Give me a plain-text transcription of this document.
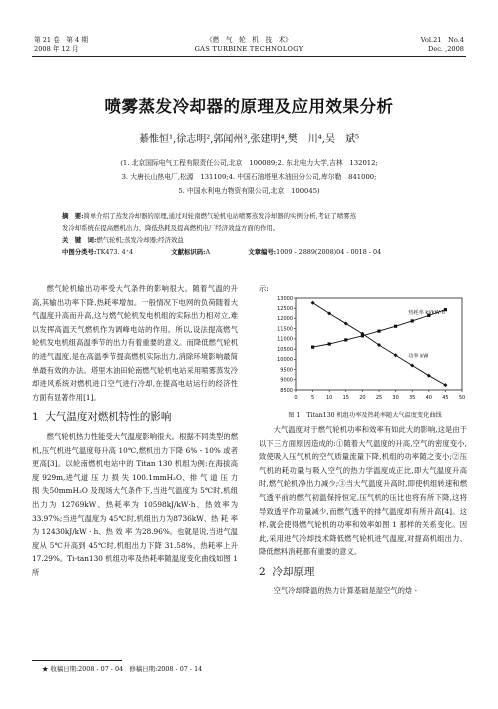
第 21 卷　第 4 期
2008 年 12 月
《燃　气　轮　机　技　术》
GAS TURBINE TECHNOLOGY
Vol.21　No.4
Dec. ,2008
喷雾蒸发冷却器的原理及应用效果分析
綦惟恒¹,徐志明²,郭闻州³,张建明⁴,樊　川⁴,吴　斌⁵
(1. 北京国际电气工程有限责任公司,北京　100089;2. 东北电力大学,吉林　132012;
3. 大唐长山热电厂,松源　131109;4. 中国石油塔里木油田分公司,库尔勒　841000;
5. 中国水利电力物资有限公司,北京　100045)
摘　要:简单介绍了蒸发冷却器的原理,通过对轮南燃气轮机电站喷雾蒸发冷却器的实例分析,考证了喷雾蒸
发冷却系统在提高燃机出力、降低热耗及提高燃机电厂经济效益方面的作用。
关　键　词:燃气轮机;蒸发冷却器;经济效益
中图分类号:TK473. 4⁺4	文献标识码:A	文章编号:1009 - 2889(2008)04 - 0018 - 04

燃气轮机输出功率受大气条件的影响很大。随着气温的升高,其输出功率下降,热耗率增加。一般情况下电网的负荷随着大气温度升高而升高,这与燃气轮机发电机组的实际出力相对立,难以发挥高温天气燃机作为调峰电站的作用。所以,设法提高燃气轮机发电机组高温季节的出力有着重要的意义。而降低燃气轮机的进气温度,是在高温季节提高燃机实际出力,消除环境影响最简单最有效的办法。塔里木油田轮南燃气轮机电站采用喷雾蒸发冷却进风系统对燃机进口空气进行冷却,在提高电站运行的经济性方面有显著作用[1]。

1 大气温度对燃机特性的影响

燃气轮机热力性能受大气温度影响很大。根据不同类型的燃机,压气机进气温度每升高 10℃,燃机出力下降 6% - 10% 或者更高[3]。以轮南燃机电站中的 Titan 130 机组为例:在海拔高度 929m,进气道 压 力 损 失 100.1mmH₂O、排 气 道 压 力 损 失50mmH₂O 及现场大气条件下,当进气温度为 5℃时,机组出力为 12769kW、热耗率为 10598kJ/kW·h、热效率为 33.97%;当进气温度为 45℃时,机组出力为8736kW、热 耗 率 为 12430kJ/kW · h、热 效 率 为28.96%。也就是说,当进气温度从 5℃升高到 45℃时,机组出力下降 31.58%、热耗率上升 17.29%。Ti-tan130 机组功率及热耗率随温度变化曲线如图 1 所

★ 收稿日期:2008 - 07 - 04　修稿日期:2008 - 07 - 14
示:
8500
9000
9500
10000
10500
11000
11500
12000
12500
13000
0	5 10 15 20 25 30 35 40 45 50
热耗率 kJ/kW·h
功率 kW
图 1　Titan130 机组功率及热耗率随大气温度变化曲线

大气温度对于燃气轮机功率和效率有如此大的影响,这是由于以下三方面原因造成的:①随着大气温度的升高,空气的密度变小,致使吸入压气机的空气质量流量下降,机组的功率随之变小;②压气机的耗功量与吸入空气的热力学温度成正比,即大气温度升高时,燃气轮机净出力减少;③当大气温度升高时,即使机组转速和燃气透平前的燃气初温保持恒定,压气机的压比也将有所下降,这将导致透平作功量减少,而燃气透平的排气温度却有所升高[4]。这样,就会使得燃气轮机的功率和效率如图 1 那样的关系变化。因此,采用进气冷却技术降低燃气轮机进气温度,对提高机组出力、降低燃料消耗都有重要的意义。

2 冷却原理

空气冷却降温的热力计算基础是湿空气的焓 -
